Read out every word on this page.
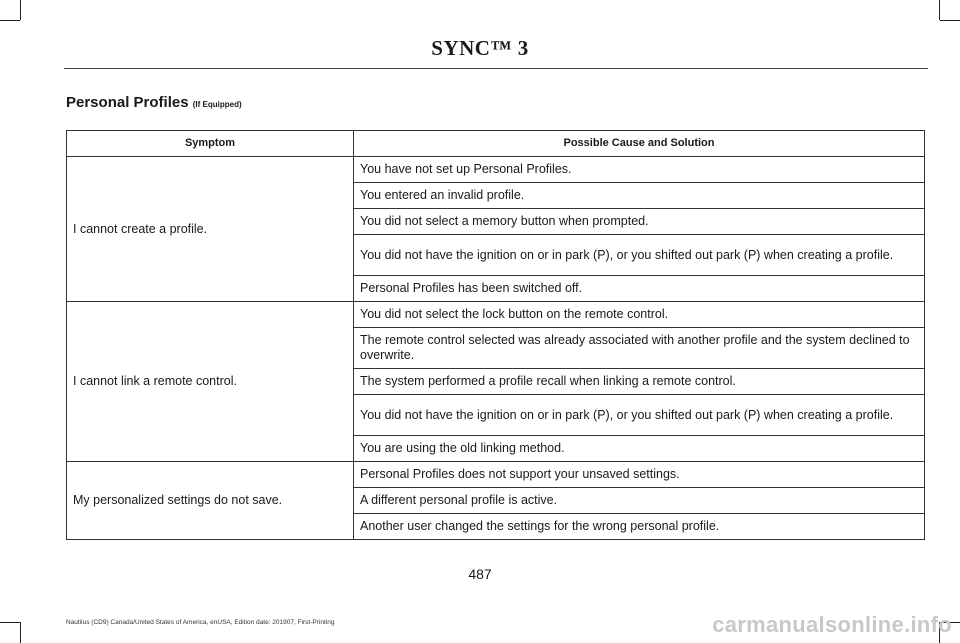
SYNC™ 3
Personal Profiles (If Equipped)
Symptom	Possible Cause and Solution
I cannot create a profile.	You have not set up Personal Profiles.
	You entered an invalid profile.
	You did not select a memory button when prompted.
	You did not have the ignition on or in park (P), or you shifted out park (P) when creating a profile.
	Personal Profiles has been switched off.
I cannot link a remote control.	You did not select the lock button on the remote control.
	The remote control selected was already associated with another profile and the system declined to overwrite.
	The system performed a profile recall when linking a remote control.
	You did not have the ignition on or in park (P), or you shifted out park (P) when creating a profile.
	You are using the old linking method.
My personalized settings do not save.	Personal Profiles does not support your unsaved settings.
	A different personal profile is active.
	Another user changed the settings for the wrong personal profile.
487
Nautilus (CD9) Canada/United States of America, enUSA, Edition date: 201907, First-Printing	carmanualsonline.info
